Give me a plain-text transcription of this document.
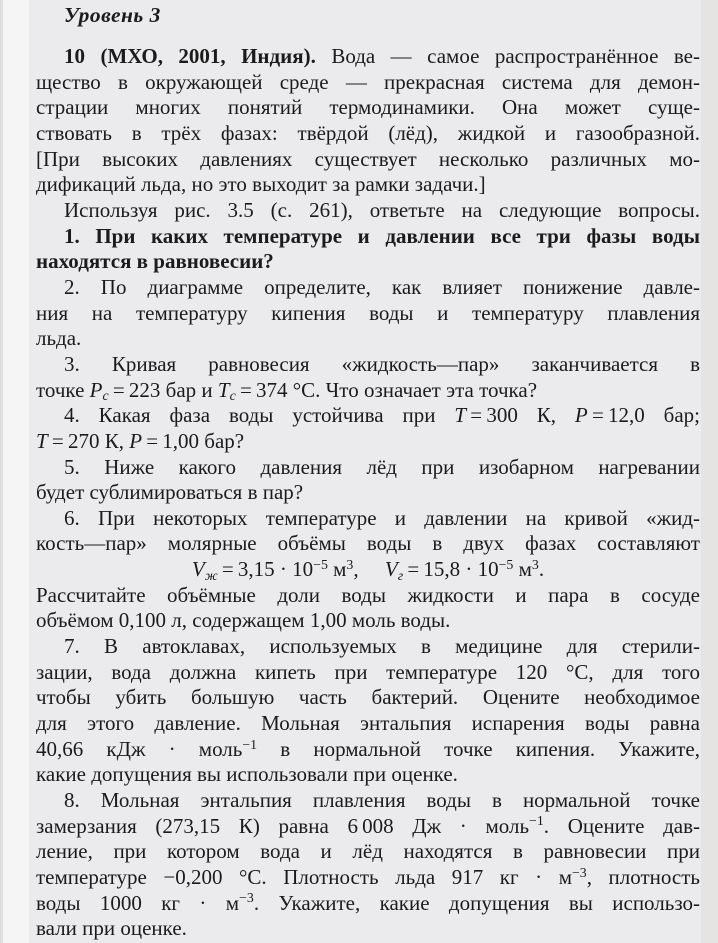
Уровень 3
10 (МХО, 2001, Индия). Вода — самое распространённое ве-
щество в окружающей среде — прекрасная система для демон-
страции многих понятий термодинамики. Она может суще-
ствовать в трёх фазах: твёрдой (лёд), жидкой и газообразной.
[При высоких давлениях существует несколько различных мо-
дификаций льда, но это выходит за рамки задачи.]
Используя рис. 3.5 (с. 261), ответьте на следующие вопросы.
1. При каких температуре и давлении все три фазы воды
находятся в равновесии?
2. По диаграмме определите, как влияет понижение давле-
ния на температуру кипения воды и температуру плавления
льда.
3. Кривая равновесия «жидкость—пар» заканчивается в
точке Pc = 223 бар и Tc = 374 °C. Что означает эта точка?
4. Какая фаза воды устойчива при T = 300 К, P = 12,0 бар;
T = 270 К, P = 1,00 бар?
5. Ниже какого давления лёд при изобарном нагревании
будет сублимироваться в пар?
6. При некоторых температуре и давлении на кривой «жид-
кость—пар» молярные объёмы воды в двух фазах составляют
Vж = $3,15 \cdot 10^{-5}$ $м^3$,  Vг = $15,8 \cdot 10^{-5}$ $м^3$.
Рассчитайте объёмные доли воды жидкости и пара в сосуде
объёмом 0,100 л, содержащем 1,00 моль воды.
7. В автоклавах, используемых в медицине для стерили-
зации, вода должна кипеть при температуре 120 °C, для того
чтобы убить большую часть бактерий. Оцените необходимое
для этого давление. Мольная энтальпия испарения воды равна
40,66 кДж · моль$^{-1}$ в нормальной точке кипения. Укажите,
какие допущения вы использовали при оценке.
8. Мольная энтальпия плавления воды в нормальной точке
замерзания (273,15 К) равна 6 008 Дж · моль$^{-1}$. Оцените дав-
ление, при котором вода и лёд находятся в равновесии при
температуре −0,200 °C. Плотность льда 917 кг · $м^{-3}$, плотность
воды 1000 кг · $м^{-3}$. Укажите, какие допущения вы использо-
вали при оценке.
